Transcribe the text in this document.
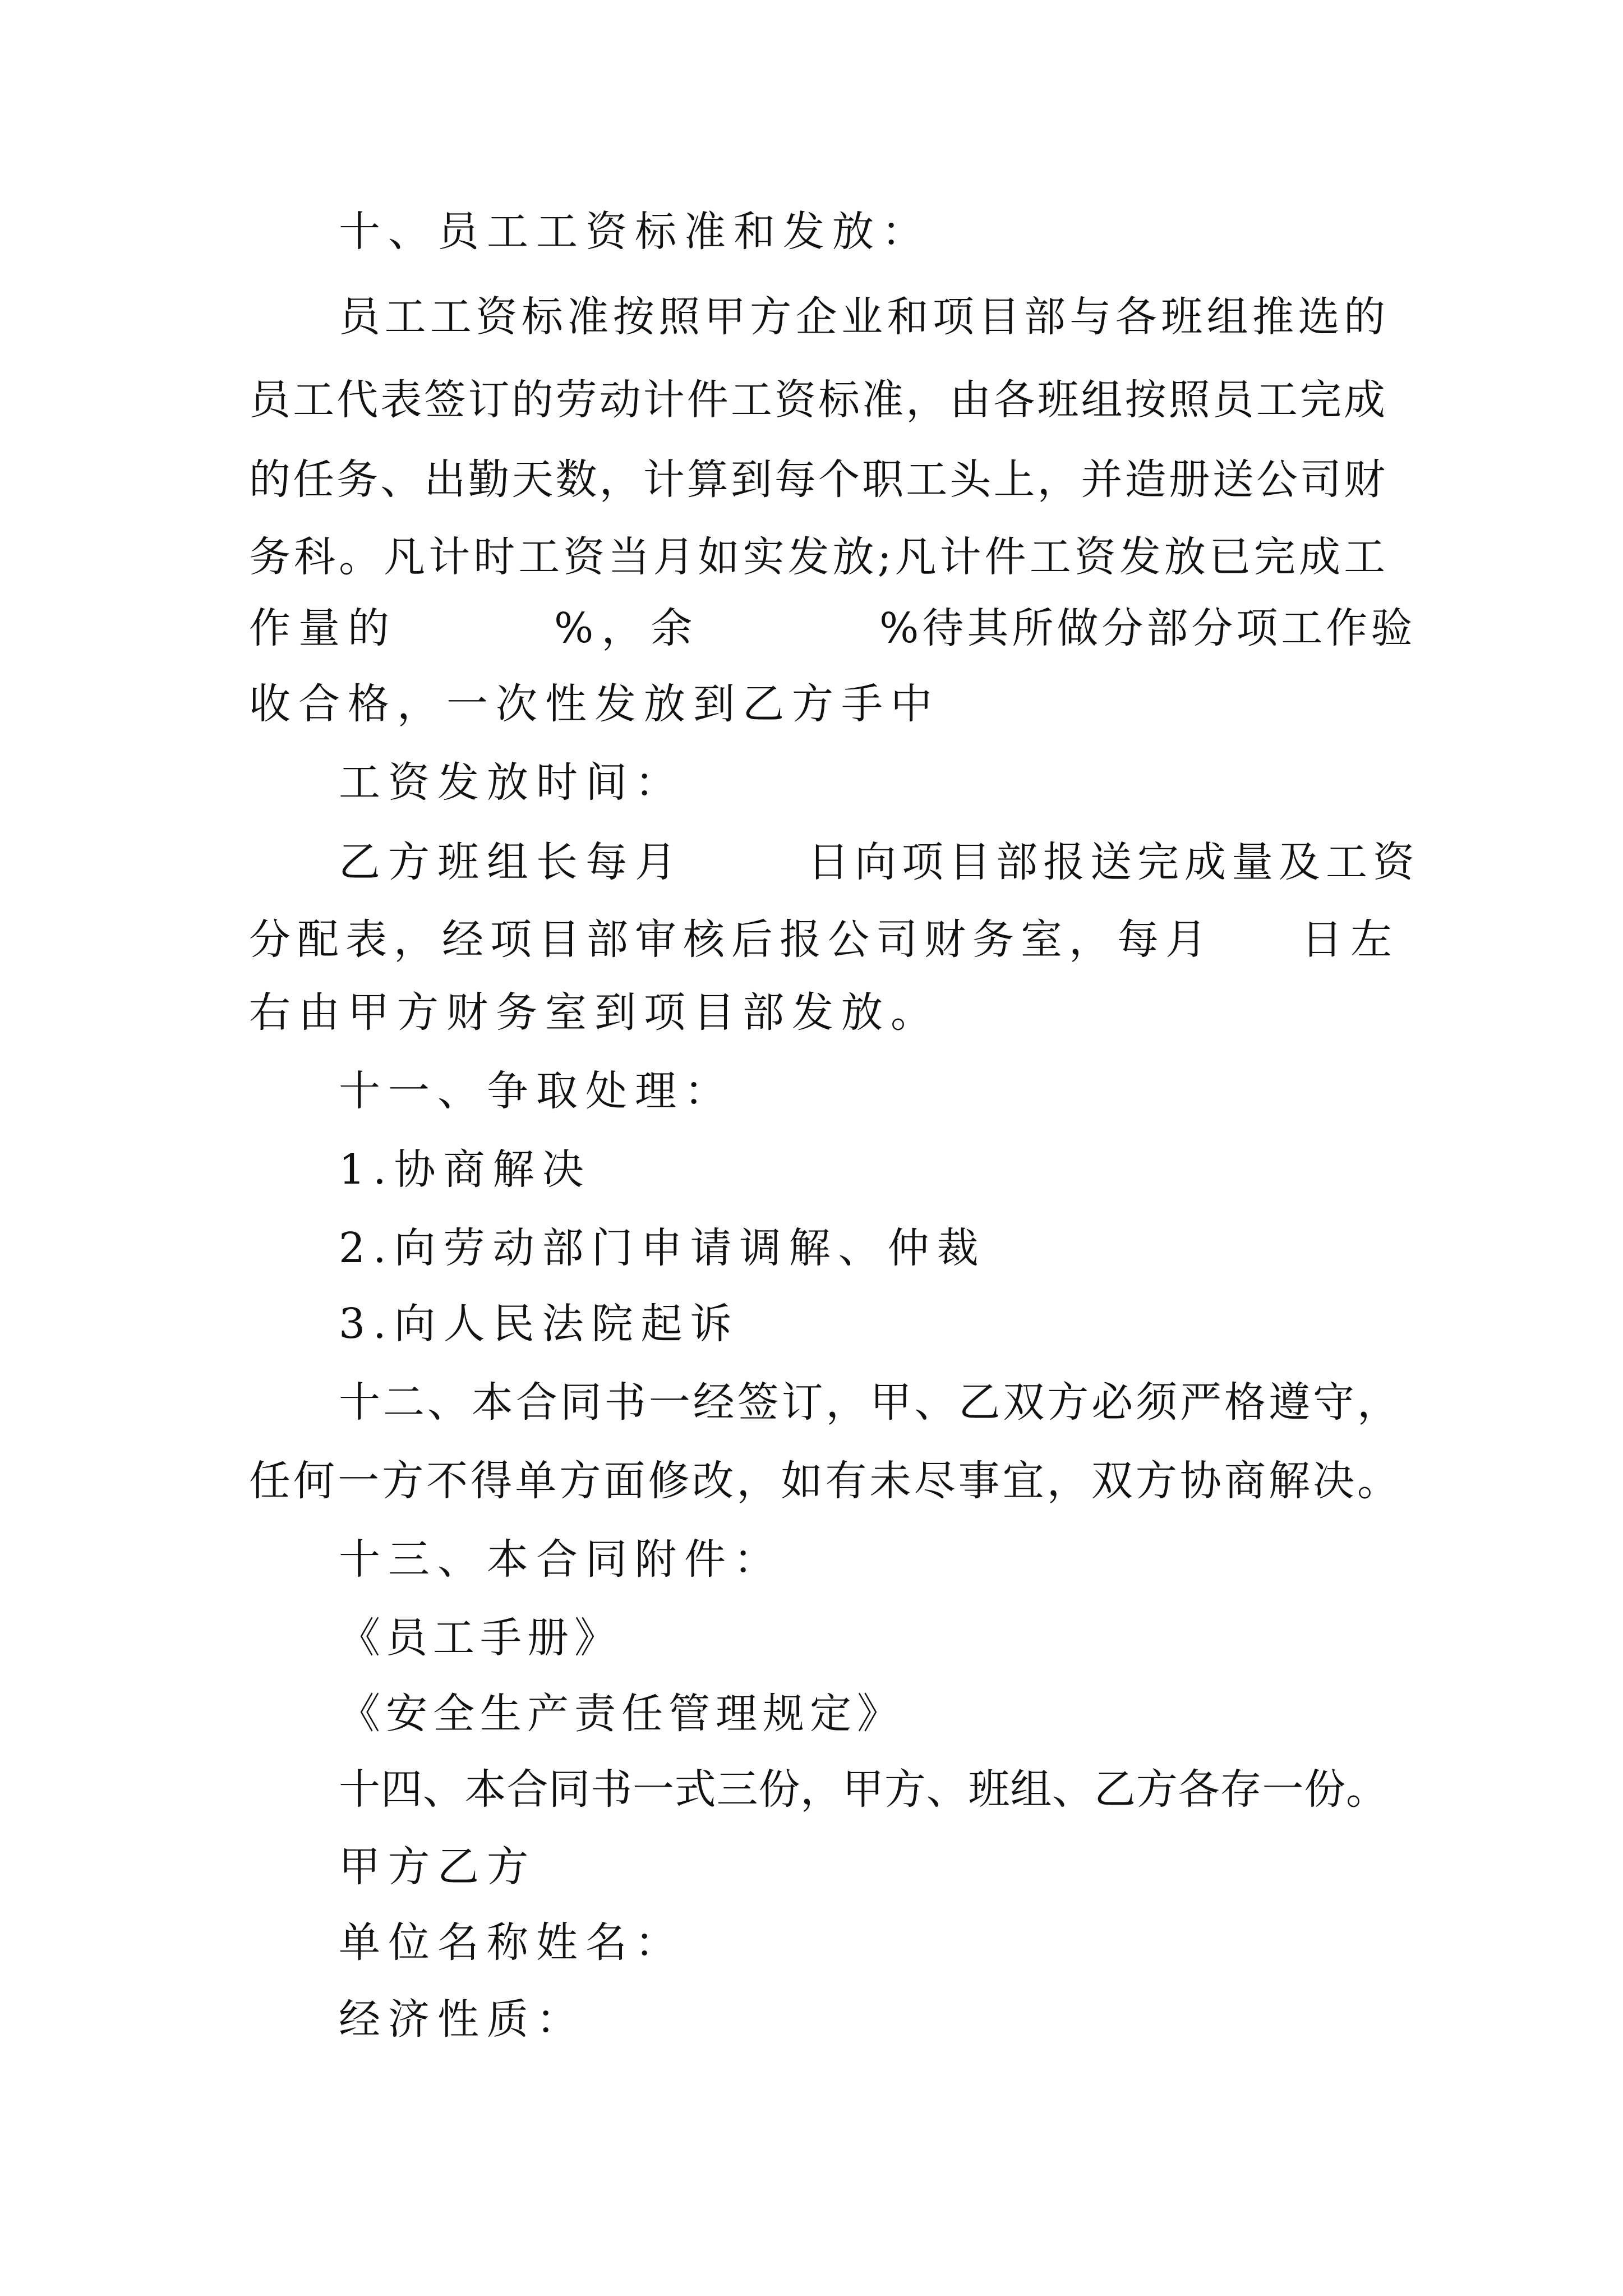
十、员工工资标准和发放：
员工工资标准按照甲方企业和项目部与各班组推选的
员工代表签订的劳动计件工资标准，由各班组按照员工完成
的任务、出勤天数，计算到每个职工头上，并造册送公司财
务科。凡计时工资当月如实发放;凡计件工资发放已完成工
作量的	%，余	%待其所做分部分项工作验
收合格，一次性发放到乙方手中
工资发放时间：
乙方班组长每月	日向项目部报送完成量及工资
分配表，经项目部审核后报公司财务室，每月 日左
右由甲方财务室到项目部发放。
十一、争取处理：
1.协商解决
2.向劳动部门申请调解、仲裁
3.向人民法院起诉
十二、本合同书一经签订，甲、乙双方必须严格遵守，
任何一方不得单方面修改，如有未尽事宜，双方协商解决。
十三、本合同附件：
《员工手册》
《安全生产责任管理规定》
十四、本合同书一式三份，甲方、班组、乙方各存一份。
甲方乙方
单位名称姓名：
经济性质：
